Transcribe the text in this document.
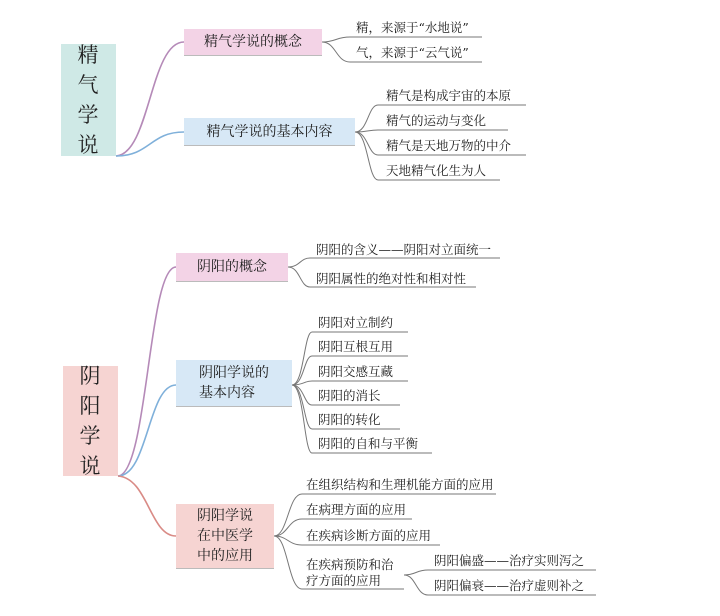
精
气
学
说
精气学说的概念
精，来源于“水地说”
气，来源于“云气说”
精气学说的基本内容
精气是构成宇宙的本原
精气的运动与变化
精气是天地万物的中介
天地精气化生为人
阴
阳
学
说
阴阳的概念
阴阳的含义——阴阳对立面统一
阴阳属性的绝对性和相对性
阴阳学说的
基本内容
阴阳对立制约
阴阳互根互用
阴阳交感互藏
阴阳的消长
阴阳的转化
阴阳的自和与平衡
阴阳学说
在中医学
中的应用
在组织结构和生理机能方面的应用
在病理方面的应用
在疾病诊断方面的应用
在疾病预防和治
疗方面的应用
阴阳偏盛——治疗实则泻之
阴阳偏衰——治疗虚则补之
